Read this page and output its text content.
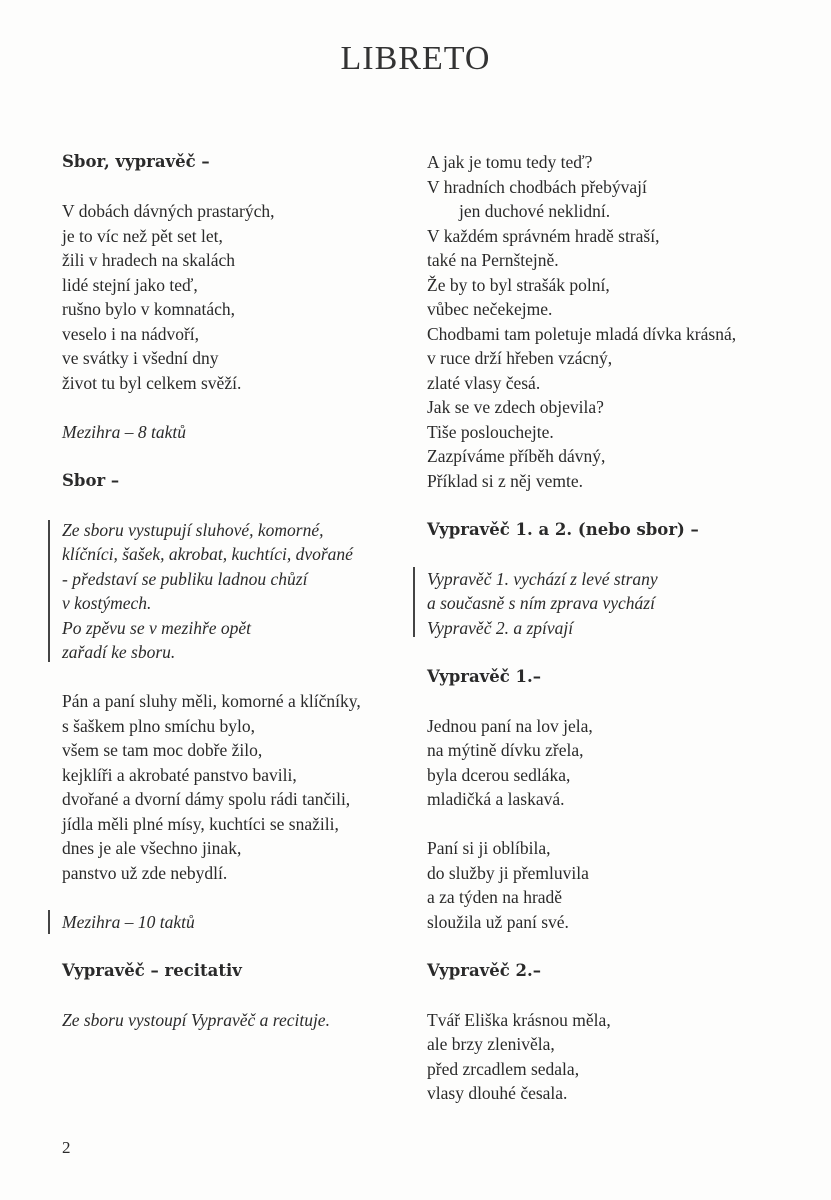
LIBRETO
Sbor, vypravěč –
V dobách dávných prastarých,
je to víc než pět set let,
žili v hradech na skalách
lidé stejní jako teď,
rušno bylo v komnatách,
veselo i na nádvoří,
ve svátky i všední dny
život tu byl celkem svěží.
Mezihra – 8 taktů
Sbor –
Ze sboru vystupují sluhové, komorné,
klíčníci, šašek, akrobat, kuchtíci, dvořané
- představí se publiku ladnou chůzí
v kostýmech.
Po zpěvu se v mezihře opět
zařadí ke sboru.
Pán a paní sluhy měli, komorné a klíčníky,
s šaškem plno smíchu bylo,
všem se tam moc dobře žilo,
kejklíři a akrobaté panstvo bavili,
dvořané a dvorní dámy spolu rádi tančili,
jídla měli plné mísy, kuchtíci se snažili,
dnes je ale všechno jinak,
panstvo už zde nebydlí.
Mezihra – 10 taktů
Vypravěč – recitativ
Ze sboru vystoupí Vypravěč a recituje.
A jak je tomu tedy teď?
V hradních chodbách přebývají
jen duchové neklidní.
V každém správném hradě straší,
také na Pernštejně.
Že by to byl strašák polní,
vůbec nečekejme.
Chodbami tam poletuje mladá dívka krásná,
v ruce drží hřeben vzácný,
zlaté vlasy česá.
Jak se ve zdech objevila?
Tiše poslouchejte.
Zazpíváme příběh dávný,
Příklad si z něj vemte.
Vypravěč 1. a 2. (nebo sbor) –
Vypravěč 1. vychází z levé strany
a současně s ním zprava vychází
Vypravěč 2. a zpívají
Vypravěč 1.–
Jednou paní na lov jela,
na mýtině dívku zřela,
byla dcerou sedláka,
mladičká a laskavá.
Paní si ji oblíbila,
do služby ji přemluvila
a za týden na hradě
sloužila už paní své.
Vypravěč 2.–
Tvář Eliška krásnou měla,
ale brzy zlenivěla,
před zrcadlem sedala,
vlasy dlouhé česala.
2
